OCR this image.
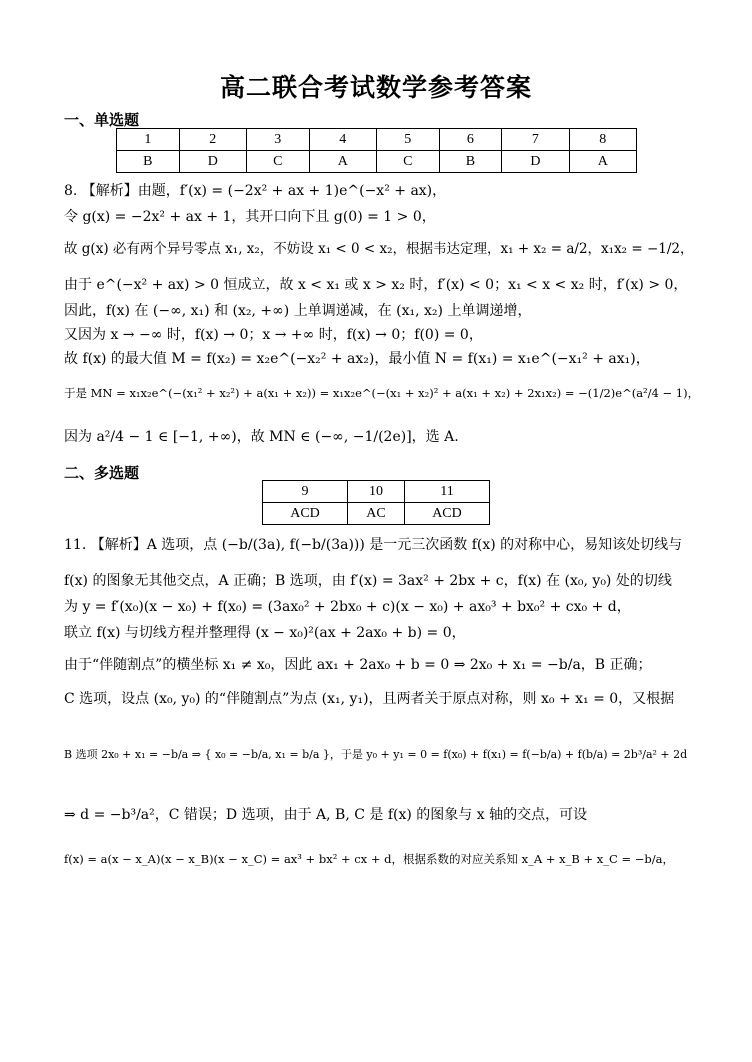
高二联合考试数学参考答案
一、单选题
1	2	3	4	5	6	7	8
B	D	C	A	C	B	D	A
8. 【解析】由题，f′(x) = (−2x² + ax + 1)e^(−x² + ax)，
令 g(x) = −2x² + ax + 1，其开口向下且 g(0) = 1 > 0，
故 g(x) 必有两个异号零点 x₁, x₂，不妨设 x₁ < 0 < x₂，根据韦达定理，x₁ + x₂ = a/2，x₁x₂ = −1/2，
由于 e^(−x² + ax) > 0 恒成立，故 x < x₁ 或 x > x₂ 时，f′(x) < 0；x₁ < x < x₂ 时，f′(x) > 0，
因此，f(x) 在 (−∞, x₁) 和 (x₂, +∞) 上单调递减，在 (x₁, x₂) 上单调递增，
又因为 x → −∞ 时，f(x) → 0；x → +∞ 时，f(x) → 0；f(0) = 0，
故 f(x) 的最大值 M = f(x₂) = x₂e^(−x₂² + ax₂)，最小值 N = f(x₁) = x₁e^(−x₁² + ax₁)，
于是 MN = x₁x₂e^(−(x₁² + x₂²) + a(x₁ + x₂)) = x₁x₂e^(−(x₁ + x₂)² + a(x₁ + x₂) + 2x₁x₂) = −(1/2)e^(a²/4 − 1)，
因为 a²/4 − 1 ∈ [−1, +∞)，故 MN ∈ (−∞, −1/(2e)]，选 A.
二、多选题
9	10	11
ACD	AC	ACD
11. 【解析】A 选项，点 (−b/(3a), f(−b/(3a))) 是一元三次函数 f(x) 的对称中心，易知该处切线与
f(x) 的图象无其他交点，A 正确；B 选项，由 f′(x) = 3ax² + 2bx + c，f(x) 在 (x₀, y₀) 处的切线
为 y = f′(x₀)(x − x₀) + f(x₀) = (3ax₀² + 2bx₀ + c)(x − x₀) + ax₀³ + bx₀² + cx₀ + d，
联立 f(x) 与切线方程并整理得 (x − x₀)²(ax + 2ax₀ + b) = 0，
由于“伴随割点”的横坐标 x₁ ≠ x₀，因此 ax₁ + 2ax₀ + b = 0 ⇒ 2x₀ + x₁ = −b/a，B 正确；
C 选项，设点 (x₀, y₀) 的“伴随割点”为点 (x₁, y₁)，且两者关于原点对称，则 x₀ + x₁ = 0，又根据
B 选项 2x₀ + x₁ = −b/a ⇒ { x₀ = −b/a, x₁ = b/a }，于是 y₀ + y₁ = 0 = f(x₀) + f(x₁) = f(−b/a) + f(b/a) = 2b³/a² + 2d
⇒ d = −b³/a²，C 错误；D 选项，由于 A, B, C 是 f(x) 的图象与 x 轴的交点，可设
f(x) = a(x − x_A)(x − x_B)(x − x_C) = ax³ + bx² + cx + d，根据系数的对应关系知 x_A + x_B + x_C = −b/a，
